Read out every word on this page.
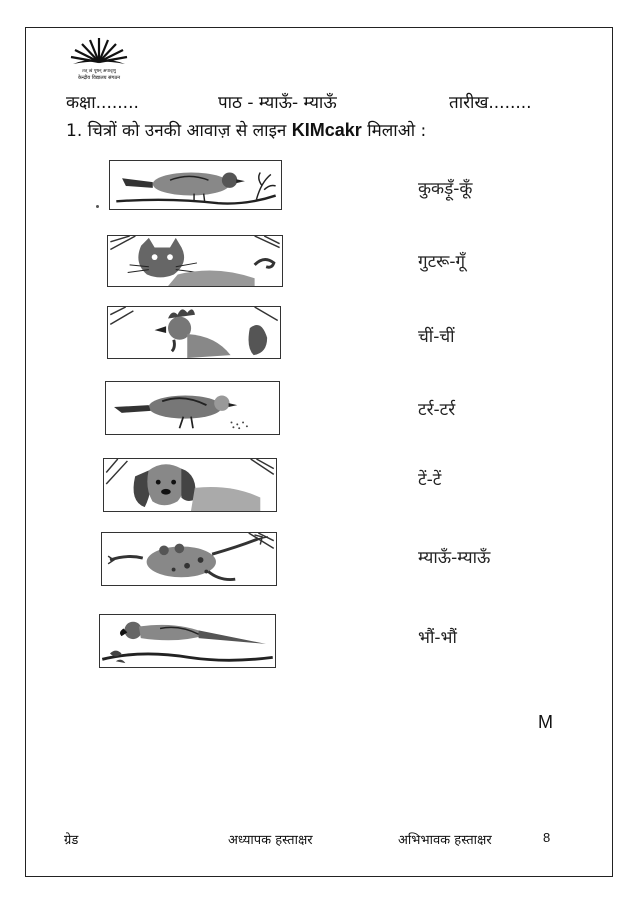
तत् त्वं पूषन् अपावृणु
केन्द्रीय विद्यालय संगठन
कक्षा........	पाठ - म्याऊँ- म्याऊँ	तारीख........
1. चित्रों को उनकी आवाज़ से लाइन KIMcakr मिलाओ :
कुकड़ूँ-कूँ
गुटरू-गूँ
चीं-चीं
टर्र-टर्र
टें-टें
म्याऊँ-म्याऊँ
भौं-भौं
M
ग्रेड	अध्यापक हस्ताक्षर	अभिभावक हस्ताक्षर	8
